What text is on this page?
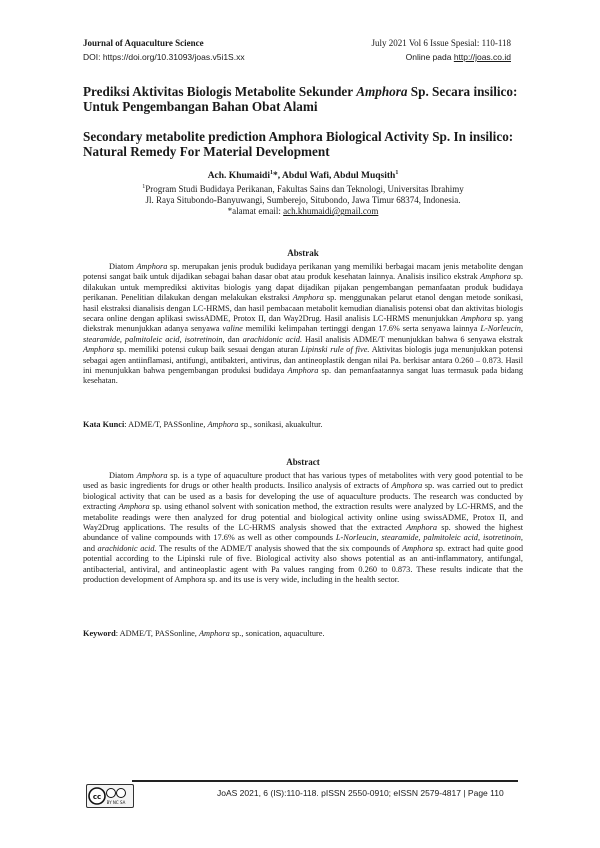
Journal of Aquaculture Science
DOI: https://doi.org/10.31093/joas.v5i1S.xx
July 2021 Vol 6 Issue Spesial: 110-118
Online pada http://joas.co.id
Prediksi Aktivitas Biologis Metabolite Sekunder Amphora Sp. Secara insilico: Untuk Pengembangan Bahan Obat Alami
Secondary metabolite prediction Amphora Biological Activity Sp. In insilico: Natural Remedy For Material Development
Ach. Khumaidi$^1$*, Abdul Wafi, Abdul Muqsith$^1$
$^1$Program Studi Budidaya Perikanan, Fakultas Sains dan Teknologi, Universitas Ibrahimy
Jl. Raya Situbondo-Banyuwangi, Sumberejo, Situbondo, Jawa Timur 68374, Indonesia.
*alamat email: ach.khumaidi@gmail.com
Abstrak

Diatom Amphora sp. merupakan jenis produk budidaya perikanan yang memiliki berbagai macam jenis metabolite dengan potensi sangat baik untuk dijadikan sebagai bahan dasar obat atau produk kesehatan lainnya. Analisis insilico ekstrak Amphora sp. dilakukan untuk memprediksi aktivitas biologis yang dapat dijadikan pijakan pengembangan pemanfaatan produk budidaya perikanan. Penelitian dilakukan dengan melakukan ekstraksi Amphora sp. menggunakan pelarut etanol dengan metode sonikasi, hasil ekstraksi dianalisis dengan LC-HRMS, dan hasil pembacaan metabolit kemudian dianalisis potensi obat dan aktivitas biologis secara online dengan aplikasi swissADME, Protox II, dan Way2Drug. Hasil analisis LC-HRMS menunjukkan Amphora sp. yang diekstrak menunjukkan adanya senyawa valine memiliki kelimpahan tertinggi dengan 17.6% serta senyawa lainnya L-Norleucin, stearamide, palmitoleic acid, isotretinoin, dan arachidonic acid. Hasil analisis ADME/T menunjukkan bahwa 6 senyawa ekstrak Amphora sp. memiliki potensi cukup baik sesuai dengan aturan Lipinski rule of five. Aktivitas biologis juga menunjukkan potensi sebagai agen antiinflamasi, antifungi, antibakteri, antivirus, dan antineoplastik dengan nilai Pa. berkisar antara 0.260 – 0.873. Hasil ini menunjukkan bahwa pengembangan produksi budidaya Amphora sp. dan pemanfaatannya sangat luas termasuk pada bidang kesehatan.

Kata Kunci: ADME/T, PASSonline, Amphora sp., sonikasi, akuakultur.
Abstract

Diatom Amphora sp. is a type of aquaculture product that has various types of metabolites with very good potential to be used as basic ingredients for drugs or other health products. Insilico analysis of extracts of Amphora sp. was carried out to predict biological activity that can be used as a basis for developing the use of aquaculture products. The research was conducted by extracting Amphora sp. using ethanol solvent with sonication method, the extraction results were analyzed by LC-HRMS, and the metabolite readings were then analyzed for drug potential and biological activity online using swissADME, Protox II, and Way2Drug applications. The results of the LC-HRMS analysis showed that the extracted Amphora sp. showed the highest abundance of valine compounds with 17.6% as well as other compounds L-Norleucin, stearamide, palmitoleic acid, isotretinoin, and arachidonic acid. The results of the ADME/T analysis showed that the six compounds of Amphora sp. extract had quite good potential according to the Lipinski rule of five. Biological activity also shows potential as an anti-inflammatory, antifungal, antibacterial, antiviral, and antineoplastic agent with Pa values ranging from 0.260 to 0.873. These results indicate that the production development of Amphora sp. and its use is very wide, including in the health sector.

Keyword: ADME/T, PASSonline, Amphora sp., sonication, aquaculture.
cc
BY NC SA
JoAS 2021, 6 (IS):110-118. pISSN 2550-0910; eISSN 2579-4817 | Page 110
